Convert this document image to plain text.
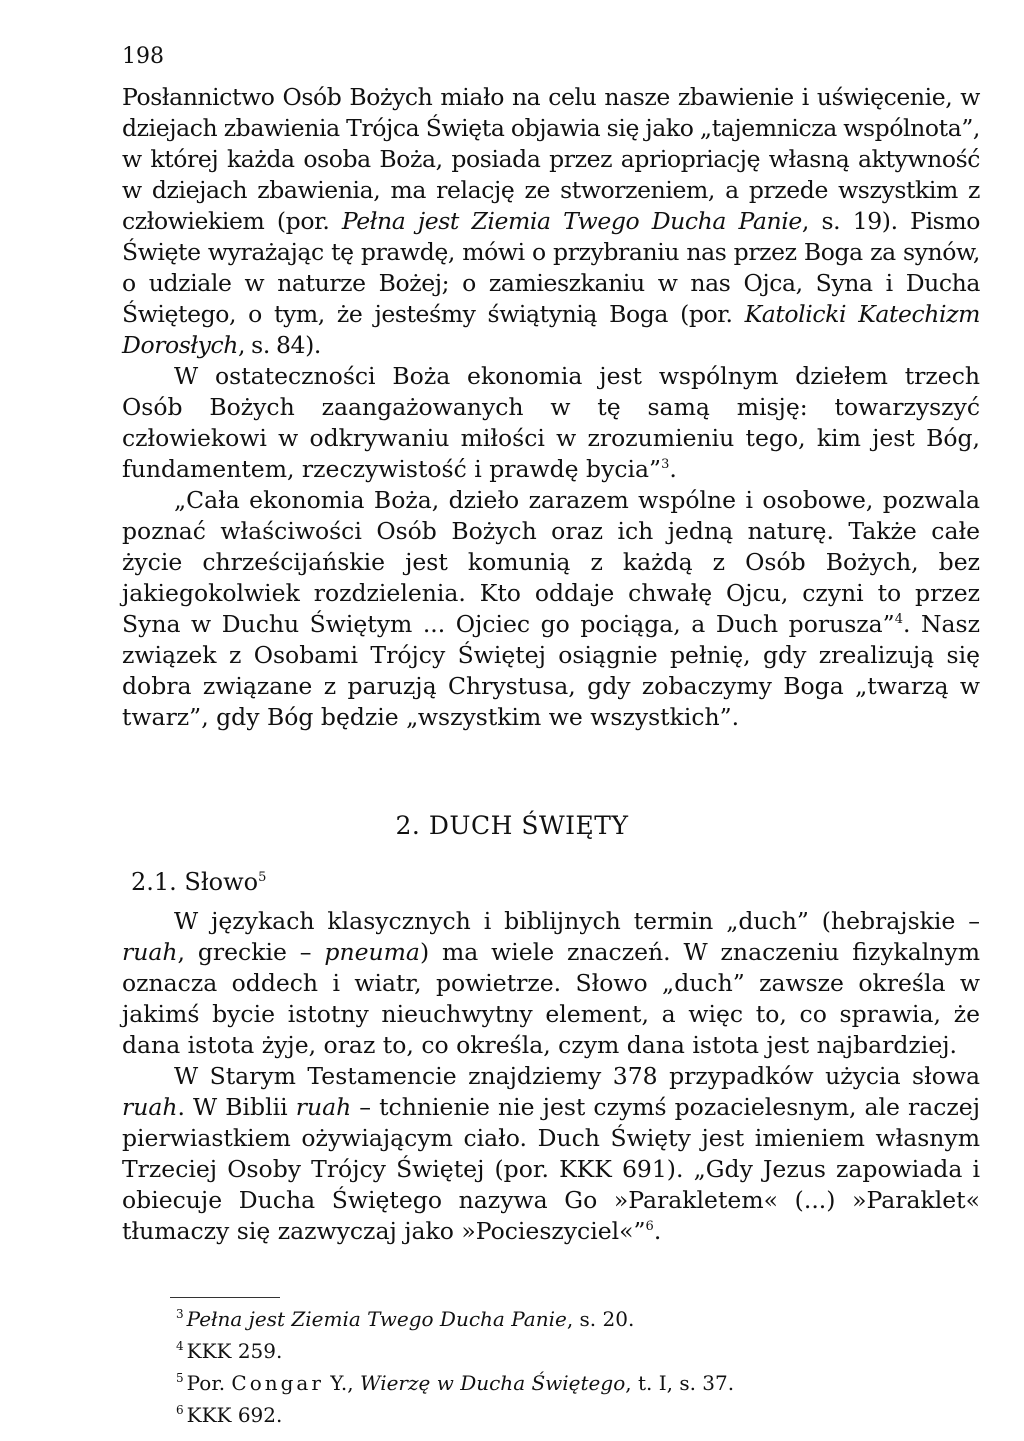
198

Posłannictwo Osób Bożych miało na celu nasze zbawienie i uświęcenie, w dziejach zbawienia Trójca Święta objawia się jako „tajemnicza wspólnota”, w której każda osoba Boża, posiada przez apriopriację własną aktywność w dziejach zbawienia, ma relację ze stworzeniem, a przede wszystkim z człowiekiem (por. Pełna jest Ziemia Twego Ducha Panie, s. 19). Pismo Święte wyrażając tę prawdę, mówi o przybraniu nas przez Boga za synów, o udziale w naturze Bożej; o zamieszkaniu w nas Ojca, Syna i Ducha Świętego, o tym, że jesteśmy świątynią Boga (por. Katolicki Katechizm Dorosłych, s. 84).

W ostateczności Boża ekonomia jest wspólnym dziełem trzech Osób Bożych zaangażowanych w tę samą misję: towarzyszyć człowiekowi w odkrywaniu miłości w zrozumieniu tego, kim jest Bóg, fundamentem, rzeczywistość i prawdę bycia”$^3$.

„Cała ekonomia Boża, dzieło zarazem wspólne i osobowe, pozwala poznać właściwości Osób Bożych oraz ich jedną naturę. Także całe życie chrześcijańskie jest komunią z każdą z Osób Bożych, bez jakiegokolwiek rozdzielenia. Kto oddaje chwałę Ojcu, czyni to przez Syna w Duchu Świętym ... Ojciec go pociąga, a Duch porusza”$^4$. Nasz związek z Osobami Trójcy Świętej osiągnie pełnię, gdy zrealizują się dobra związane z paruzją Chrystusa, gdy zobaczymy Boga „twarzą w twarz”, gdy Bóg będzie „wszystkim we wszystkich”.

2. DUCH ŚWIĘTY
2.1. Słowo$^5$

W językach klasycznych i biblijnych termin „duch” (hebrajskie – ruah, greckie – pneuma) ma wiele znaczeń. W znaczeniu fizykalnym oznacza oddech i wiatr, powietrze. Słowo „duch” zawsze określa w jakimś bycie istotny nieuchwytny element, a więc to, co sprawia, że dana istota żyje, oraz to, co określa, czym dana istota jest najbardziej.

W Starym Testamencie znajdziemy 378 przypadków użycia słowa ruah. W Biblii ruah – tchnienie nie jest czymś pozacielesnym, ale raczej pierwiastkiem ożywiającym ciało. Duch Święty jest imieniem własnym Trzeciej Osoby Trójcy Świętej (por. KKK 691). „Gdy Jezus zapowiada i obiecuje Ducha Świętego nazywa Go »Parakletem« (...) »Paraklet« tłumaczy się zazwyczaj jako »Pocieszyciel«”$^6$.

$^3$ Pełna jest Ziemia Twego Ducha Panie, s. 20.
$^4$ KKK 259.
$^5$ Por. Congar Y., Wierzę w Ducha Świętego, t. I, s. 37.
$^6$ KKK 692.
